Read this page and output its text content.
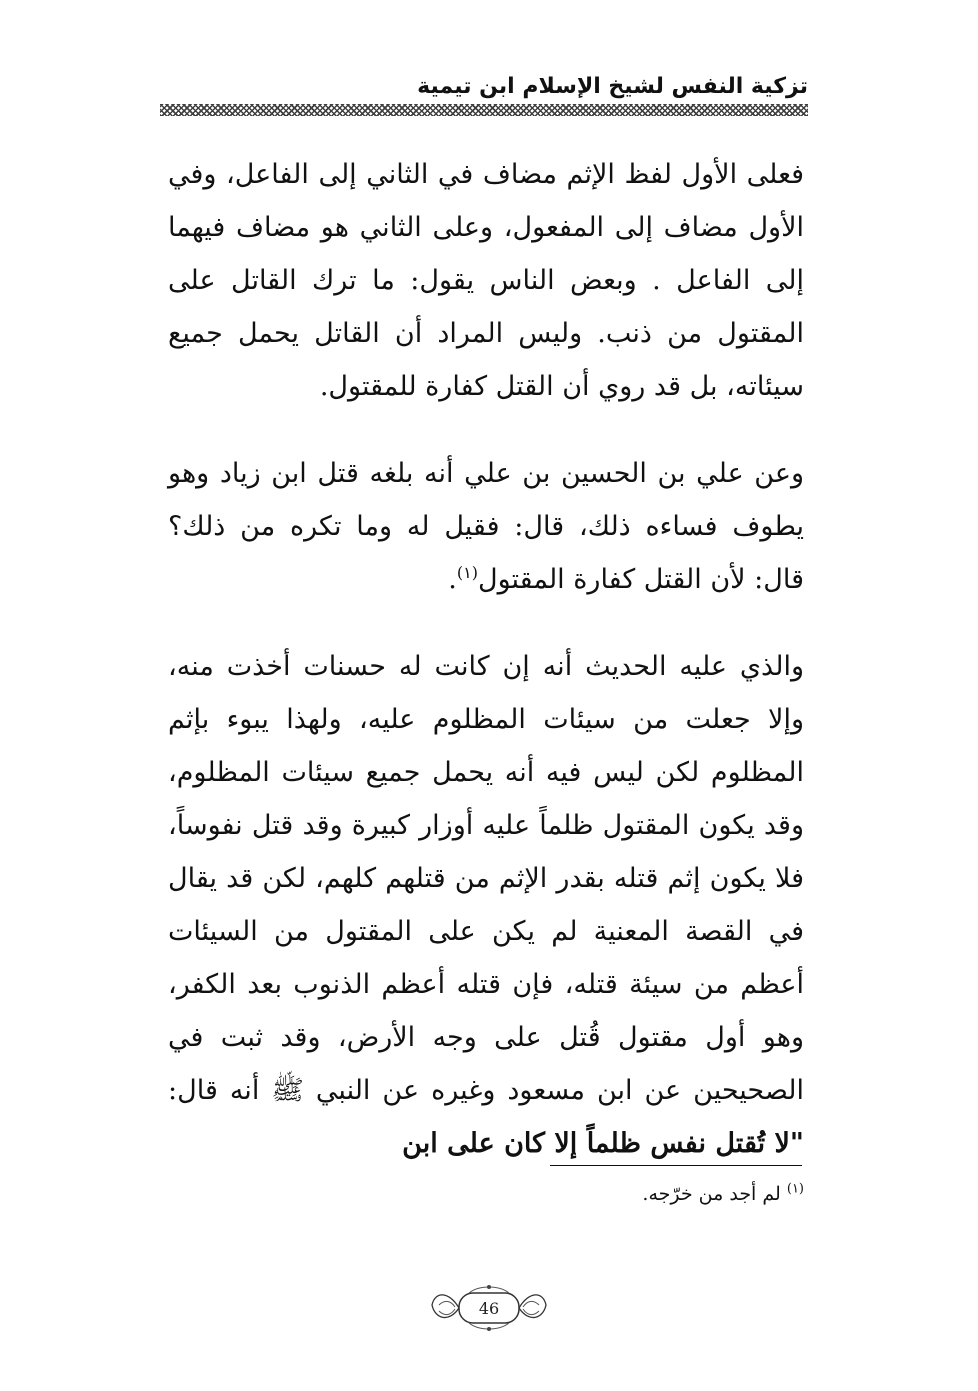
تزكية النفس لشيخ الإسلام ابن تيمية

فعلى الأول لفظ الإثم مضاف في الثاني إلى الفاعل، وفي الأول مضاف إلى المفعول، وعلى الثاني هو مضاف فيهما إلى الفاعل . وبعض الناس يقول: ما ترك القاتل على المقتول من ذنب. وليس المراد أن القاتل يحمل جميع سيئاته، بل قد روي أن القتل كفارة للمقتول.

وعن علي بن الحسين بن علي أنه بلغه قتل ابن زياد وهو يطوف فساءه ذلك، قال: فقيل له وما تكره من ذلك؟ قال: لأن القتل كفارة المقتول$^{(١)}$.

والذي عليه الحديث أنه إن كانت له حسنات أخذت منه، وإلا جعلت من سيئات المظلوم عليه، ولهذا يبوء بإثم المظلوم لكن ليس فيه أنه يحمل جميع سيئات المظلوم، وقد يكون المقتول ظلماً عليه أوزار كبيرة وقد قتل نفوساً، فلا يكون إثم قتله بقدر الإثم من قتلهم كلهم، لكن قد يقال في القصة المعنية لم يكن على المقتول من السيئات أعظم من سيئة قتله، فإن قتله أعظم الذنوب بعد الكفر، وهو أول مقتول قُتل على وجه الأرض، وقد ثبت في الصحيحين عن ابن مسعود وغيره عن النبي ﷺ أنه قال: "لا تُقتل نفس ظلماً إلا كان على ابن

$^{(١)}$ لم أجد من خرّجه.
46
